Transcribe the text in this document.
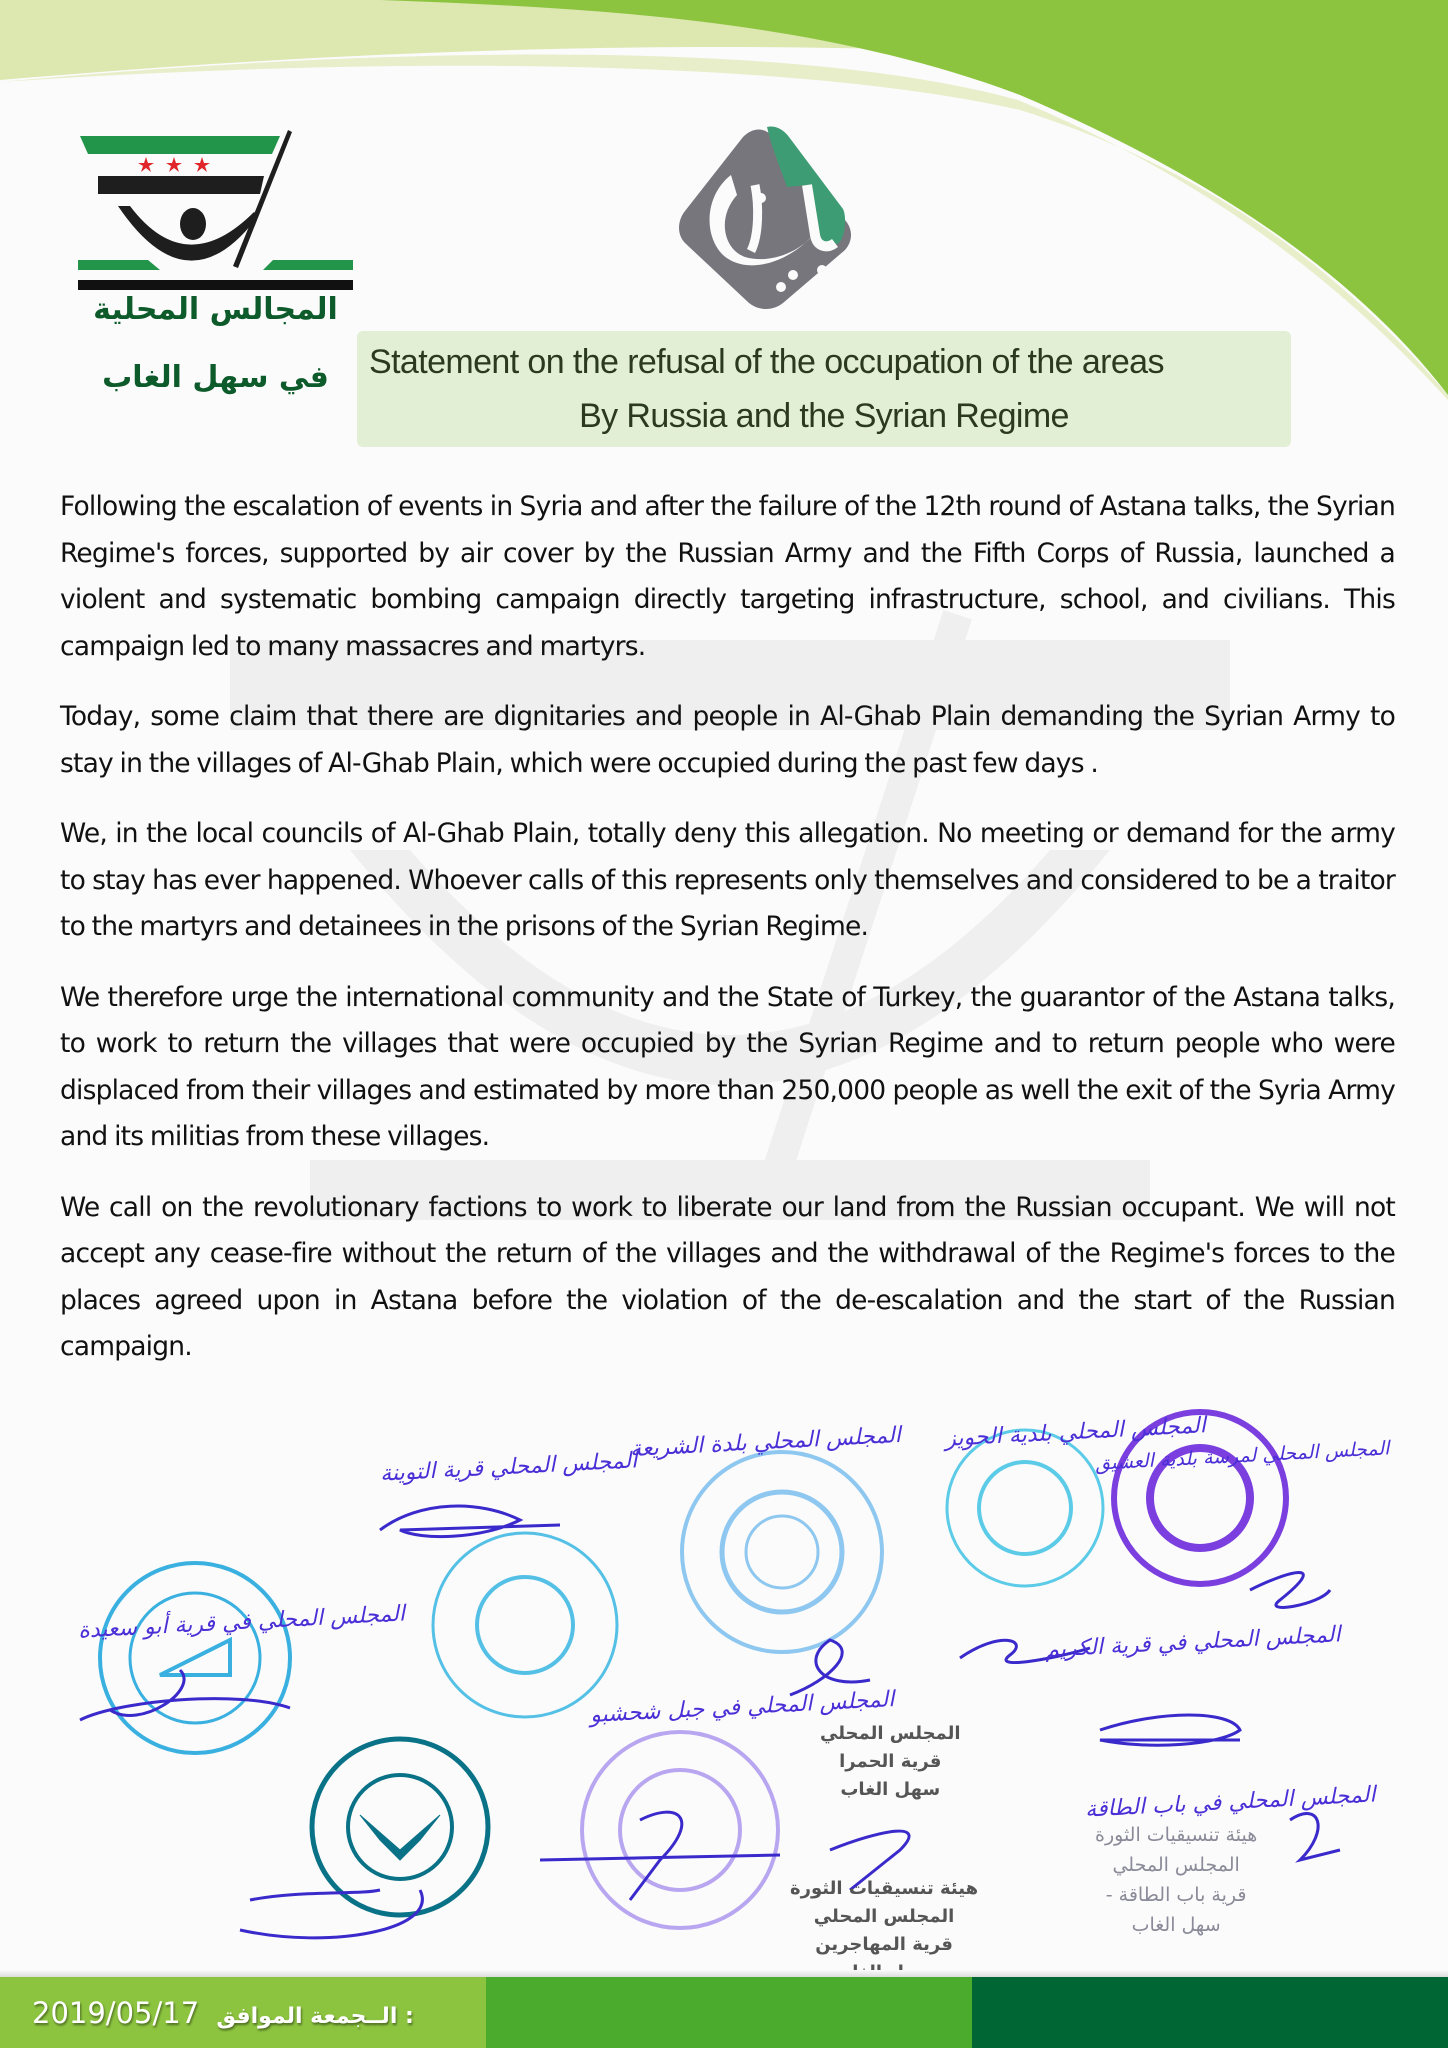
المجالس المحلية

في سهل الغاب	Statement on the refusal of the occupation of the areas

By Russia and the Syrian Regime

Following the escalation of events in Syria and after the failure of the 12th round of Astana talks, the Syrian Regime's forces, supported by air cover by the Russian Army and the Fifth Corps of Russia, launched a violent and systematic bombing campaign directly targeting infrastructure, school, and civilians. This campaign led to many massacres and martyrs.

Today, some claim that there are dignitaries and people in Al-Ghab Plain demanding the Syrian Army to stay in the villages of Al-Ghab Plain, which were occupied during the past few days .

We, in the local councils of Al-Ghab Plain, totally deny this allegation. No meeting or demand for the army to stay has ever happened. Whoever calls of this represents only themselves and considered to be a traitor to the martyrs and detainees in the prisons of the Syrian Regime.

We therefore urge the international community and the State of Turkey, the guarantor of the Astana talks, to work to return the villages that were occupied by the Syrian Regime and to return people who were displaced from their villages and estimated by more than 250,000 people as well the exit of the Syria Army and its militias from these villages.

We call on the revolutionary factions to work to liberate our land from the Russian occupant. We will not accept any cease-fire without the return of the villages and the withdrawal of the Regime's forces to the places agreed upon in Astana before the violation of the de-escalation and the start of the Russian campaign.

المجلس المحلي قرية التوينة
المجلس المحلي بلدة الشريعة المجلس المحلي بلدية الحويز
المجلس المحلي لمرسة بلدية العشيق
المجلس المحلي في قرية أبو سعيدة	المجلس المحلي في قرية الكريم
المجلس المحلي في جبل شحشبو
المجلس المحلي في باب الطاقة
المجلس المحلي
قرية الحمرا
سهل الغاب
هيئة تنسيقيات الثورة
المجلس المحلي
قرية المهاجرين
هيئة تنسيقيات الثورة
المجلس المحلي
قرية باب الطاقة -
سهل الغاب
2019/05/17 الــجمعة الموافق :
